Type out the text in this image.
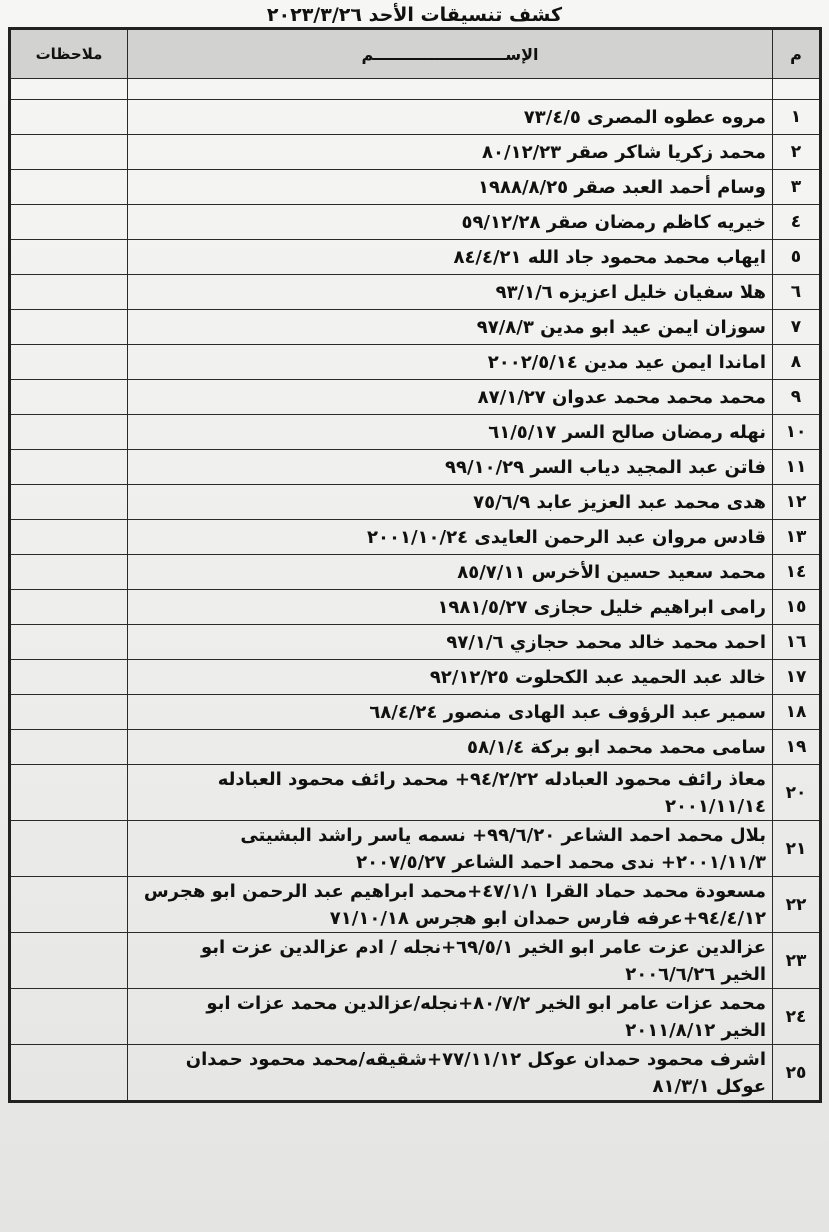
كشف تنسيقات الأحد ٢٠٢٣/٣/٢٦
م	الإســــــــــــــــــــــــم	ملاحظات

١	مروه عطوه المصرى ٧٣/٤/٥	
٢	محمد زكريا شاكر صقر ٨٠/١٢/٢٣	
٣	وسام أحمد العبد صقر ١٩٨٨/٨/٢٥	
٤	خيريه كاظم رمضان صقر ٥٩/١٢/٢٨	
٥	ايهاب محمد محمود جاد الله ٨٤/٤/٢١	
٦	هلا سفيان خليل اعزيزه ٩٣/١/٦	
٧	سوزان ايمن عيد ابو مدين ٩٧/٨/٣	
٨	اماندا ايمن عيد مدين ٢٠٠٢/٥/١٤	
٩	محمد محمد محمد عدوان ٨٧/١/٢٧	
١٠	نهله رمضان صالح السر ٦١/٥/١٧	
١١	فاتن عبد المجيد دياب السر ٩٩/١٠/٢٩	
١٢	هدى محمد عبد العزيز عابد ٧٥/٦/٩	
١٣	قادس مروان عبد الرحمن العايدى ٢٠٠١/١٠/٢٤	
١٤	محمد سعيد حسين الأخرس ٨٥/٧/١١	
١٥	رامى ابراهيم خليل حجازى ١٩٨١/٥/٢٧	
١٦	احمد محمد خالد محمد حجازي ٩٧/١/٦	
١٧	خالد عبد الحميد عبد الكحلوت ٩٢/١٢/٢٥	
١٨	سمير عبد الرؤوف عبد الهادى منصور ٦٨/٤/٢٤	
١٩	سامى محمد محمد ابو بركة ٥٨/١/٤	
٢٠	معاذ رائف محمود العبادله ٩٤/٢/٢٢+ محمد رائف محمود العبادله
٢٠٠١/١١/١٤	

٢١	بلال محمد احمد الشاعر ٩٩/٦/٢٠+ نسمه ياسر راشد البشيتى
٢٠٠١/١١/٣+ ندى محمد احمد الشاعر ٢٠٠٧/٥/٢٧	

٢٢	مسعودة محمد حماد القرا ٤٧/١/١+محمد ابراهيم عبد الرحمن ابو هجرس
٩٤/٤/١٢+عرفه فارس حمدان ابو هجرس ٧١/١٠/١٨	

٢٣	عزالدين عزت عامر ابو الخير ٦٩/٥/١+نجله / ادم عزالدين عزت ابو
الخير ٢٠٠٦/٦/٢٦	

٢٤	محمد عزات عامر ابو الخير ٨٠/٧/٢+نجله/عزالدين محمد عزات ابو
الخير ٢٠١١/٨/١٢	

٢٥	اشرف محمود حمدان عوكل ٧٧/١١/١٢+شقيقه/محمد محمود حمدان
عوكل ٨١/٣/١	
